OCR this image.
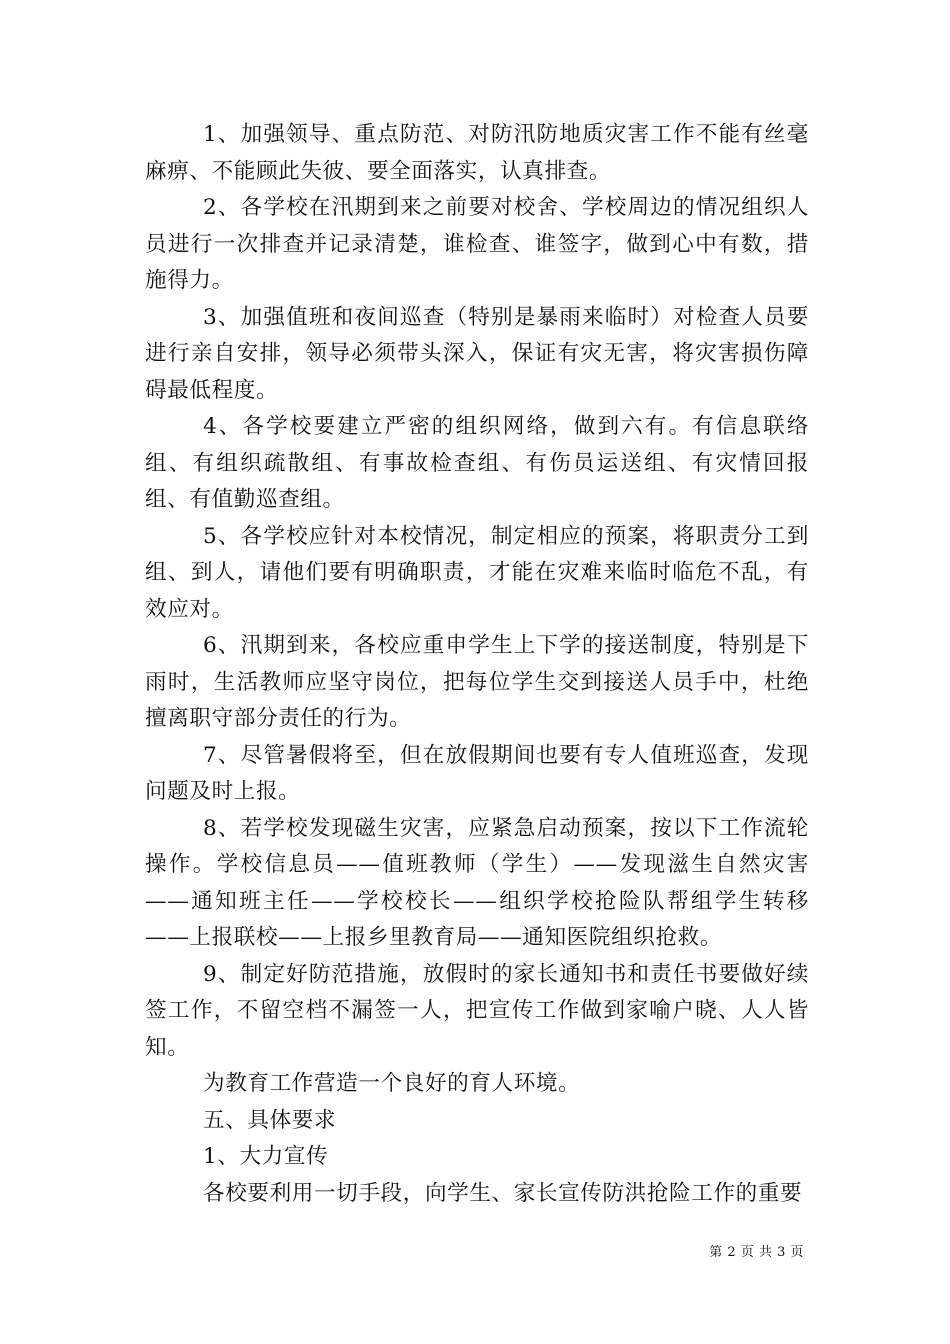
1、加强领导、重点防范、对防汛防地质灾害工作不能有丝毫麻痹、不能顾此失彼、要全面落实，认真排查。

2、各学校在汛期到来之前要对校舍、学校周边的情况组织人员进行一次排查并记录清楚，谁检查、谁签字，做到心中有数，措施得力。

3、加强值班和夜间巡查（特别是暴雨来临时）对检查人员要进行亲自安排，领导必须带头深入，保证有灾无害，将灾害损伤障碍最低程度。

4、各学校要建立严密的组织网络，做到六有。有信息联络组、有组织疏散组、有事故检查组、有伤员运送组、有灾情回报组、有值勤巡查组。

5、各学校应针对本校情况，制定相应的预案，将职责分工到组、到人，请他们要有明确职责，才能在灾难来临时临危不乱，有效应对。

6、汛期到来，各校应重申学生上下学的接送制度，特别是下雨时，生活教师应坚守岗位，把每位学生交到接送人员手中，杜绝擅离职守部分责任的行为。

7、尽管暑假将至，但在放假期间也要有专人值班巡查，发现问题及时上报。

8、若学校发现磁生灾害，应紧急启动预案，按以下工作流轮操作。学校信息员——值班教师（学生）——发现滋生自然灾害——通知班主任——学校校长——组织学校抢险队帮组学生转移——上报联校——上报乡里教育局——通知医院组织抢救。

9、制定好防范措施，放假时的家长通知书和责任书要做好续签工作，不留空档不漏签一人，把宣传工作做到家喻户晓、人人皆知。

为教育工作营造一个良好的育人环境。

五、具体要求

1、大力宣传

各校要利用一切手段，向学生、家长宣传防洪抢险工作的重要

第 2 页 共 3 页
